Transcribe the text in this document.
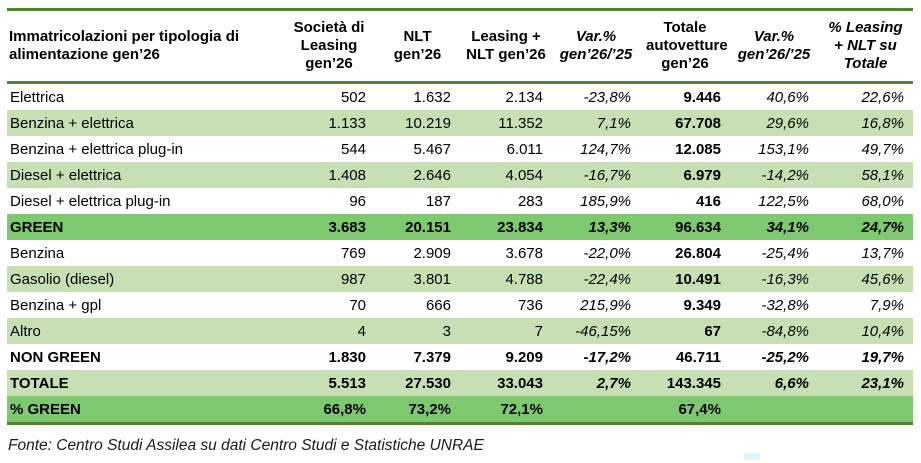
Immatricolazioni per tipologia di alimentazione gen’26	Società di Leasing gen’26	NLT gen’26	Leasing + NLT gen’26	Var.% gen’26/’25	Totale autovetture gen’26	Var.% gen’26/’25	% Leasing + NLT su Totale
Elettrica	502	1.632	2.134	-23,8%	9.446	40,6%	22,6%
Benzina + elettrica	1.133	10.219	11.352	7,1%	67.708	29,6%	16,8%
Benzina + elettrica plug-in	544	5.467	6.011	124,7%	12.085	153,1%	49,7%
Diesel + elettrica	1.408	2.646	4.054	-16,7%	6.979	-14,2%	58,1%
Diesel + elettrica plug-in	96	187	283	185,9%	416	122,5%	68,0%
GREEN	3.683	20.151	23.834	13,3%	96.634	34,1%	24,7%
Benzina	769	2.909	3.678	-22,0%	26.804	-25,4%	13,7%
Gasolio (diesel)	987	3.801	4.788	-22,4%	10.491	-16,3%	45,6%
Benzina + gpl	70	666	736	215,9%	9.349	-32,8%	7,9%
Altro	4	3	7	-46,15%	67	-84,8%	10,4%
NON GREEN	1.830	7.379	9.209	-17,2%	46.711	-25,2%	19,7%
TOTALE	5.513	27.530	33.043	2,7%	143.345	6,6%	23,1%
% GREEN	66,8%	73,2%	72,1%		67,4%		
Fonte: Centro Studi Assilea su dati Centro Studi e Statistiche UNRAE
